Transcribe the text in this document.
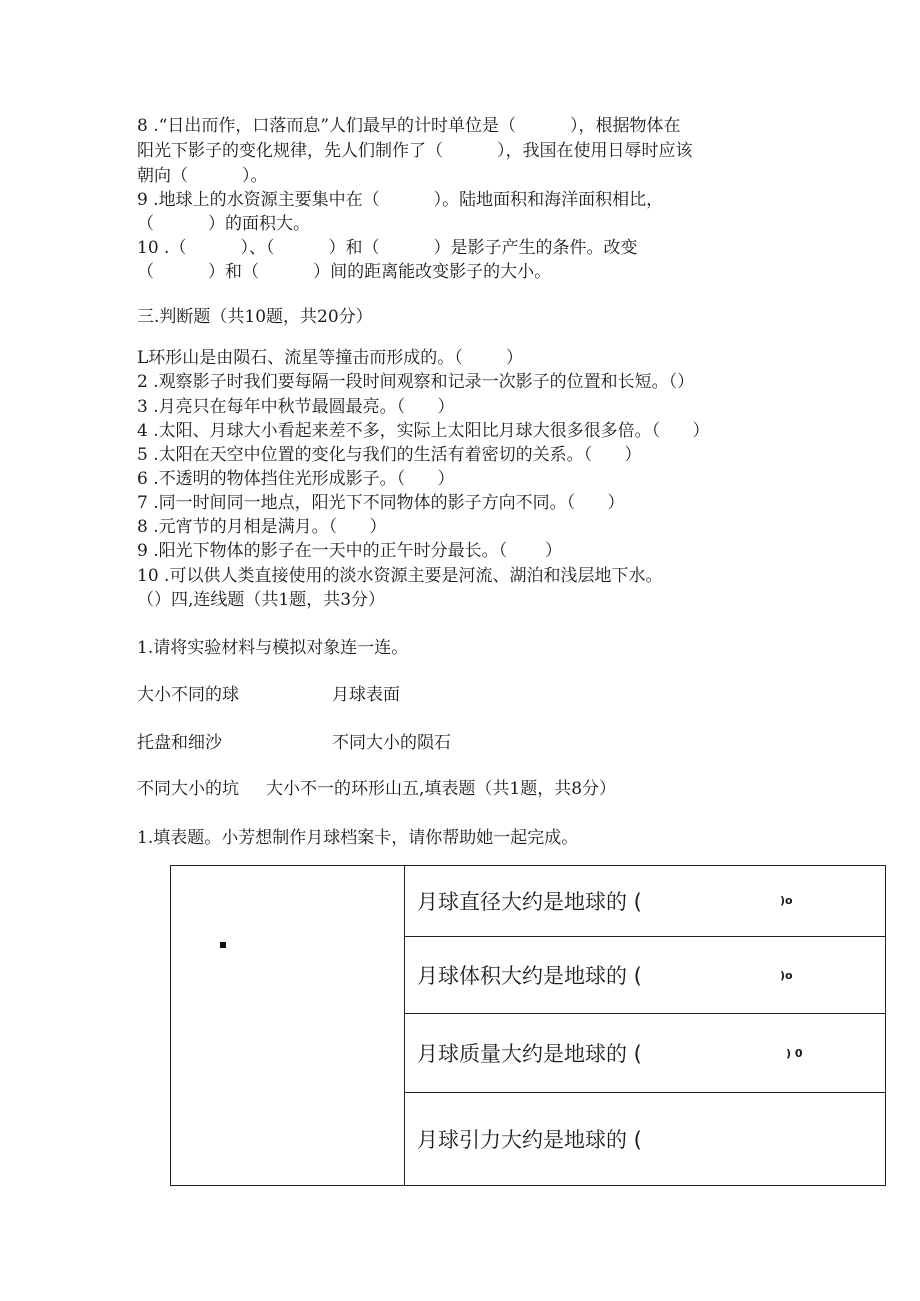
8 .“日出而作，口落而息”人们最早的计时单位是（          ），根据物体在
阳光下影子的变化规律，先人们制作了（          ），我国在使用日辱时应该
朝向（          ）。
9 .地球上的水资源主要集中在（          ）。陆地面积和海洋面积相比，
（          ）的面积大。
10 .（          ）、（          ）和（          ）是影子产生的条件。改变
（          ）和（          ）间的距离能改变影子的大小。
三.判断题（共10题，共20分）
L环形山是由陨石、流星等撞击而形成的。（        ）
2 .观察影子时我们要每隔一段时间观察和记录一次影子的位置和长短。（）
3 .月亮只在每年中秋节最圆最亮。（      ）
4 .太阳、月球大小看起来差不多，实际上太阳比月球大很多很多倍。（      ）
5 .太阳在天空中位置的变化与我们的生活有着密切的关系。（      ）
6 .不透明的物体挡住光形成影子。（      ）
7 .同一时间同一地点，阳光下不同物体的影子方向不同。（      ）
8 .元宵节的月相是满月。（      ）
9 .阳光下物体的影子在一天中的正午时分最长。（       ）
10 .可以供人类直接使用的淡水资源主要是河流、湖泊和浅层地下水。
（）四,连线题（共1题，共3分）
1.请将实验材料与模拟对象连一连。
大小不同的球	月球表面
托盘和细沙	不同大小的陨石
不同大小的坑 大小不一的环形山五,填表题（共1题，共8分）
1.填表题。小芳想制作月球档案卡，请你帮助她一起完成。
	月球直径大约是地球的 (	)o

月球体积大约是地球的 (	)o

月球质量大约是地球的 (	) 0

月球引力大约是地球的 (
